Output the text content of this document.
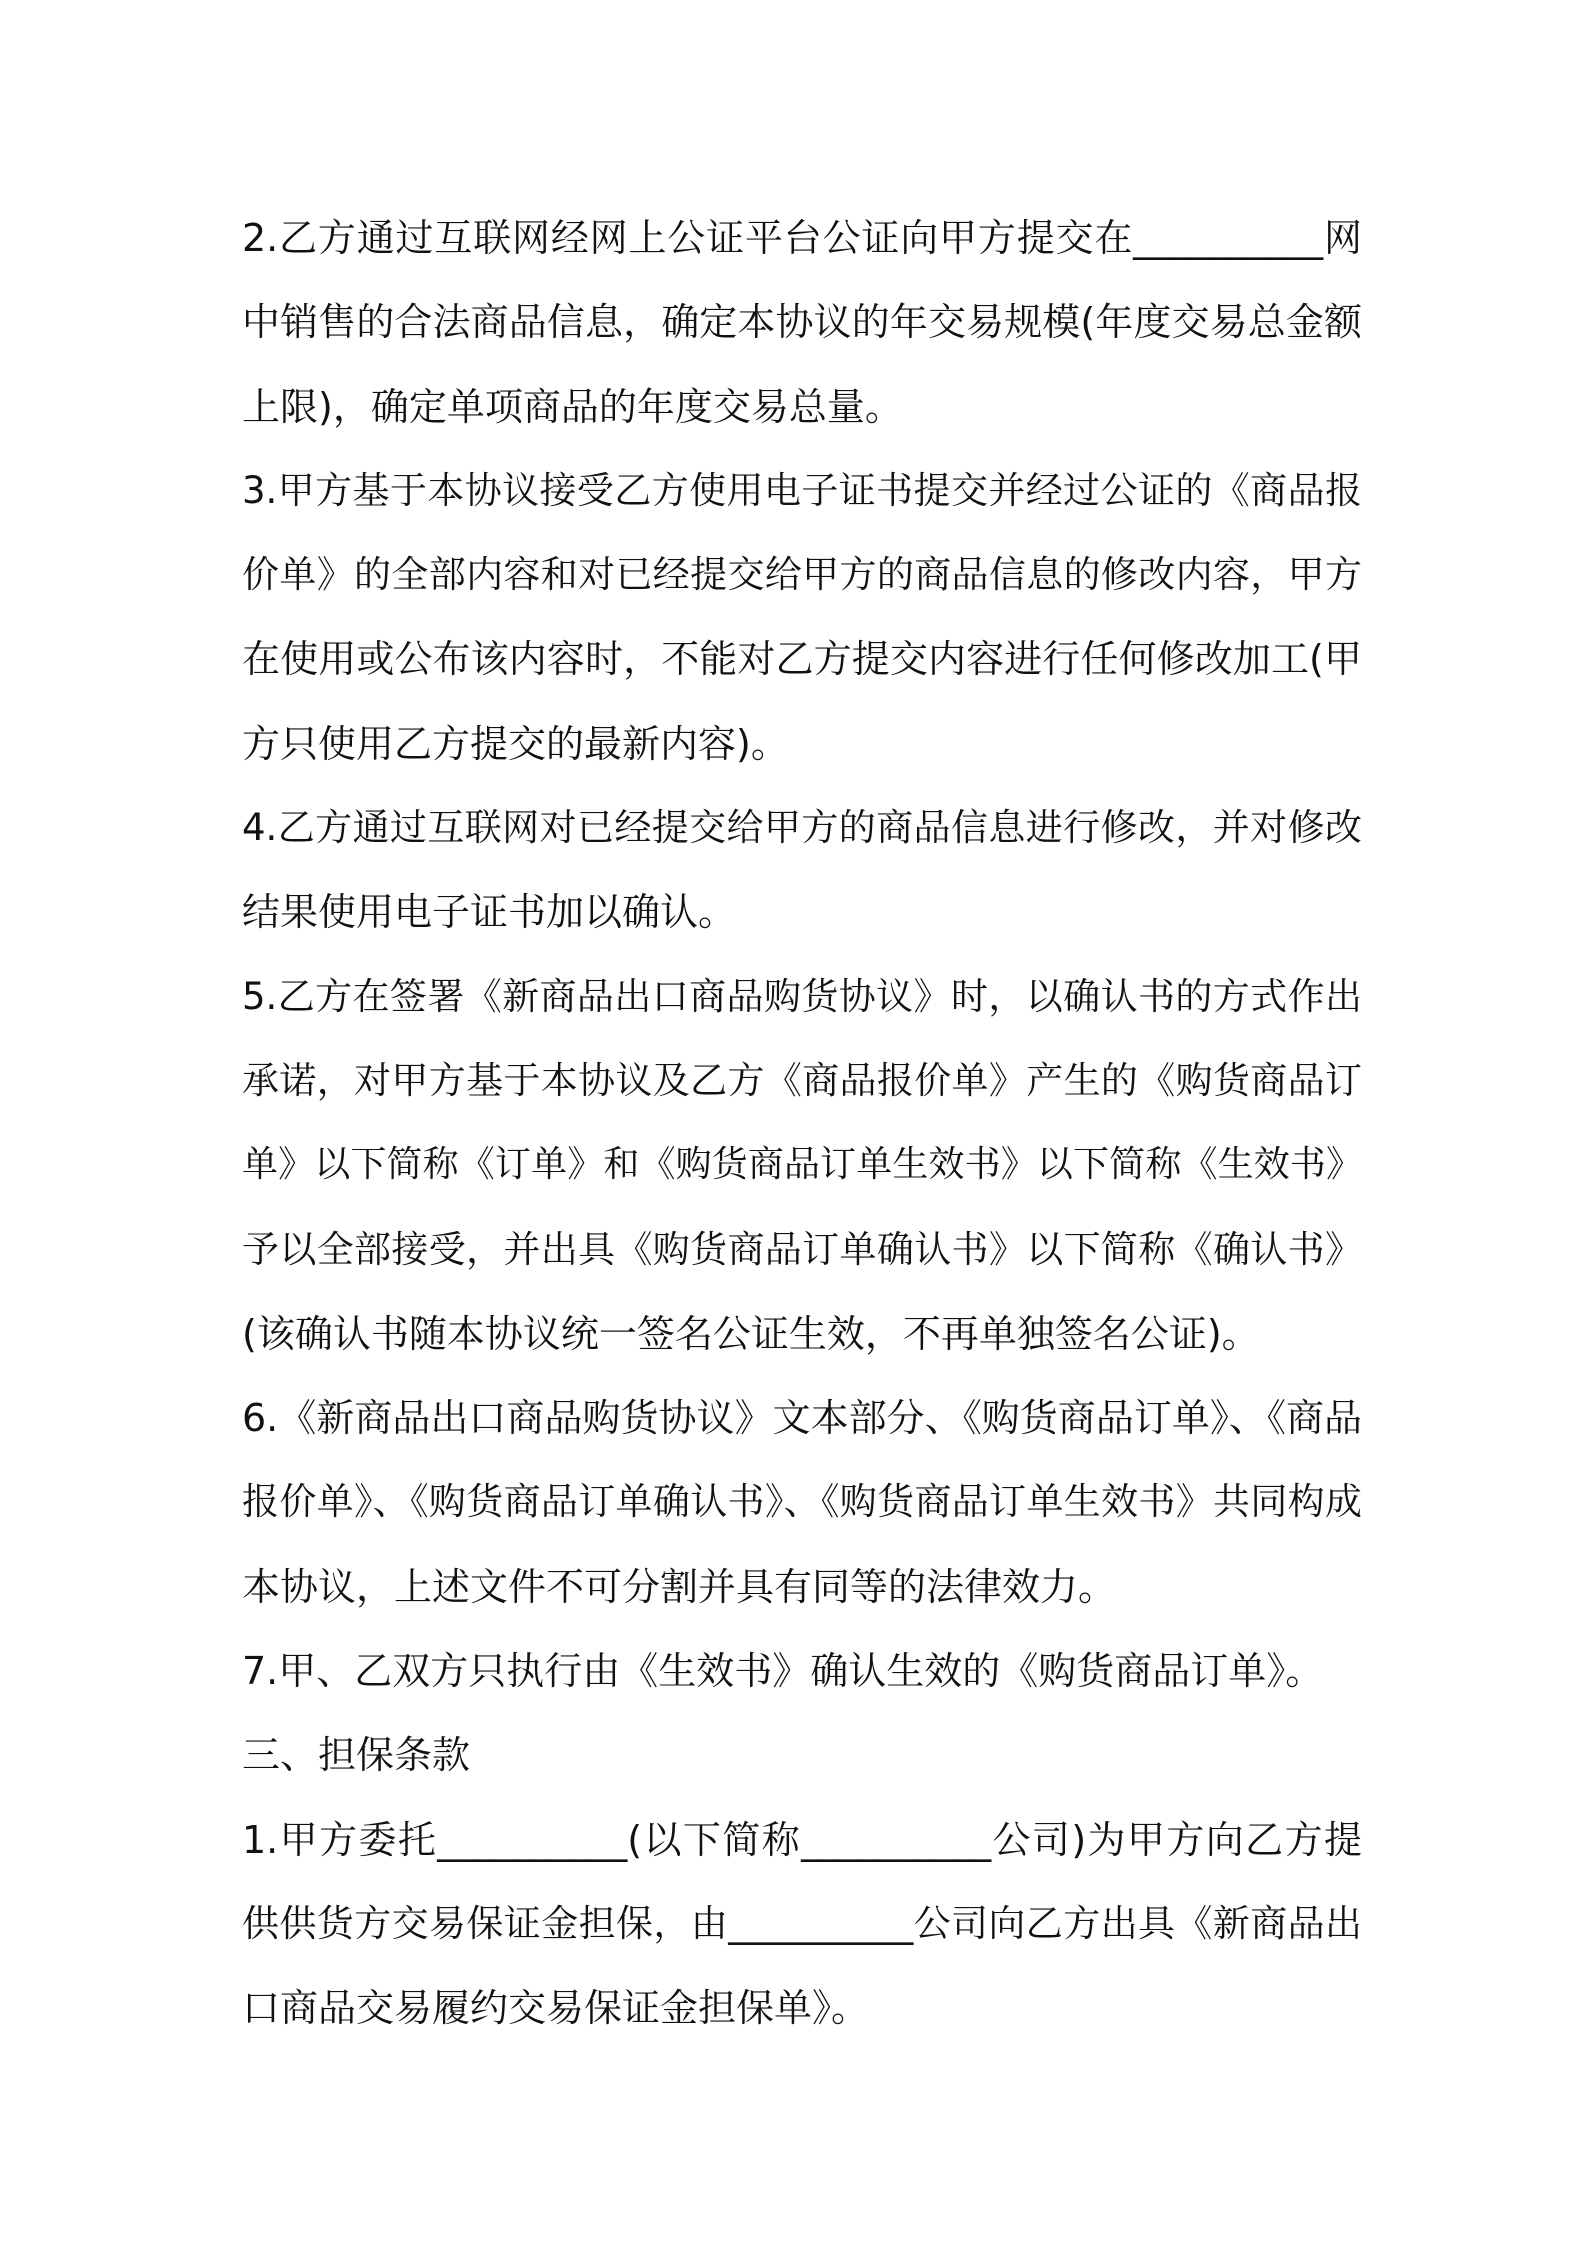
2.乙方通过互联网经网上公证平台公证向甲方提交在__________网
中销售的合法商品信息，确定本协议的年交易规模(年度交易总金额
上限)，确定单项商品的年度交易总量。
3.甲方基于本协议接受乙方使用电子证书提交并经过公证的《商品报
价单》的全部内容和对已经提交给甲方的商品信息的修改内容，甲方
在使用或公布该内容时，不能对乙方提交内容进行任何修改加工(甲
方只使用乙方提交的最新内容)。
4.乙方通过互联网对已经提交给甲方的商品信息进行修改，并对修改
结果使用电子证书加以确认。
5.乙方在签署《新商品出口商品购货协议》时，以确认书的方式作出
承诺，对甲方基于本协议及乙方《商品报价单》产生的《购货商品订
单》以下简称《订单》和《购货商品订单生效书》以下简称《生效书》
予以全部接受，并出具《购货商品订单确认书》以下简称《确认书》
(该确认书随本协议统一签名公证生效，不再单独签名公证)。
6.《新商品出口商品购货协议》文本部分、《购货商品订单》、《商品
报价单》、《购货商品订单确认书》、《购货商品订单生效书》共同构成
本协议，上述文件不可分割并具有同等的法律效力。
7.甲、乙双方只执行由《生效书》确认生效的《购货商品订单》。
三、担保条款
1.甲方委托__________(以下简称__________公司)为甲方向乙方提
供供货方交易保证金担保，由__________公司向乙方出具《新商品出
口商品交易履约交易保证金担保单》。
